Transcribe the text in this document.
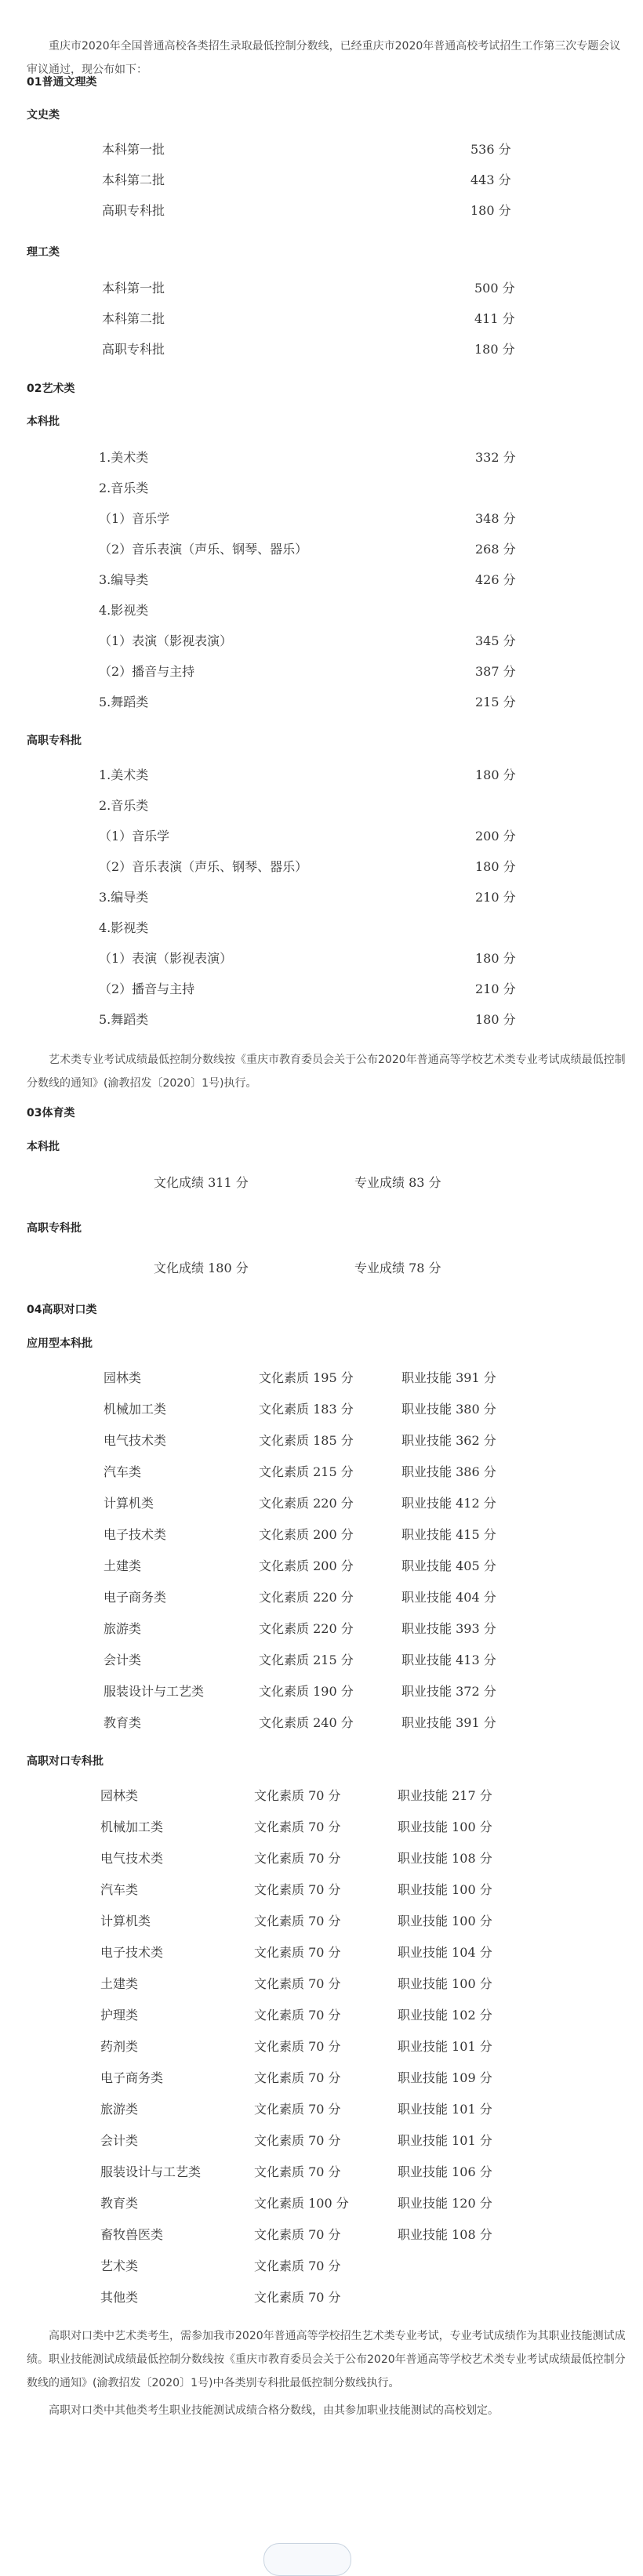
重庆市2020年全国普通高校各类招生录取最低控制分数线，已经重庆市2020年普通高校考试招生工作第三次专题会议审议通过，现公布如下：
01普通文理类
文史类
本科第一批	536 分
本科第二批	443 分
高职专科批	180 分
理工类
本科第一批	500 分
本科第二批	411 分
高职专科批	180 分
02艺术类
本科批
1.美术类	332 分
2.音乐类
（1）音乐学	348 分
（2）音乐表演（声乐、钢琴、器乐）	268 分
3.编导类	426 分
4.影视类
（1）表演（影视表演）	345 分
（2）播音与主持	387 分
5.舞蹈类	215 分
高职专科批
1.美术类	180 分
2.音乐类
（1）音乐学	200 分
（2）音乐表演（声乐、钢琴、器乐）	180 分
3.编导类	210 分
4.影视类
（1）表演（影视表演）	180 分
（2）播音与主持	210 分
5.舞蹈类	180 分
艺术类专业考试成绩最低控制分数线按《重庆市教育委员会关于公布2020年普通高等学校艺术类专业考试成绩最低控制分数线的通知》(渝教招发〔2020〕1号)执行。
03体育类
本科批
文化成绩 311 分	专业成绩 83 分
高职专科批
文化成绩 180 分	专业成绩 78 分
04高职对口类
应用型本科批
园林类	文化素质 195 分	职业技能 391 分
机械加工类	文化素质 183 分	职业技能 380 分
电气技术类	文化素质 185 分	职业技能 362 分
汽车类	文化素质 215 分	职业技能 386 分
计算机类	文化素质 220 分	职业技能 412 分
电子技术类	文化素质 200 分	职业技能 415 分
土建类	文化素质 200 分	职业技能 405 分
电子商务类	文化素质 220 分	职业技能 404 分
旅游类	文化素质 220 分	职业技能 393 分
会计类	文化素质 215 分	职业技能 413 分
服装设计与工艺类	文化素质 190 分	职业技能 372 分
教育类	文化素质 240 分	职业技能 391 分
高职对口专科批
园林类	文化素质 70 分	职业技能 217 分
机械加工类	文化素质 70 分	职业技能 100 分
电气技术类	文化素质 70 分	职业技能 108 分
汽车类	文化素质 70 分	职业技能 100 分
计算机类	文化素质 70 分	职业技能 100 分
电子技术类	文化素质 70 分	职业技能 104 分
土建类	文化素质 70 分	职业技能 100 分
护理类	文化素质 70 分	职业技能 102 分
药剂类	文化素质 70 分	职业技能 101 分
电子商务类	文化素质 70 分	职业技能 109 分
旅游类	文化素质 70 分	职业技能 101 分
会计类	文化素质 70 分	职业技能 101 分
服装设计与工艺类	文化素质 70 分	职业技能 106 分
教育类	文化素质 100 分	职业技能 120 分
畜牧兽医类	文化素质 70 分	职业技能 108 分
艺术类	文化素质 70 分
其他类	文化素质 70 分
高职对口类中艺术类考生，需参加我市2020年普通高等学校招生艺术类专业考试，专业考试成绩作为其职业技能测试成绩。职业技能测试成绩最低控制分数线按《重庆市教育委员会关于公布2020年普通高等学校艺术类专业考试成绩最低控制分数线的通知》(渝教招发〔2020〕1号)中各类别专科批最低控制分数线执行。
高职对口类中其他类考生职业技能测试成绩合格分数线，由其参加职业技能测试的高校划定。
